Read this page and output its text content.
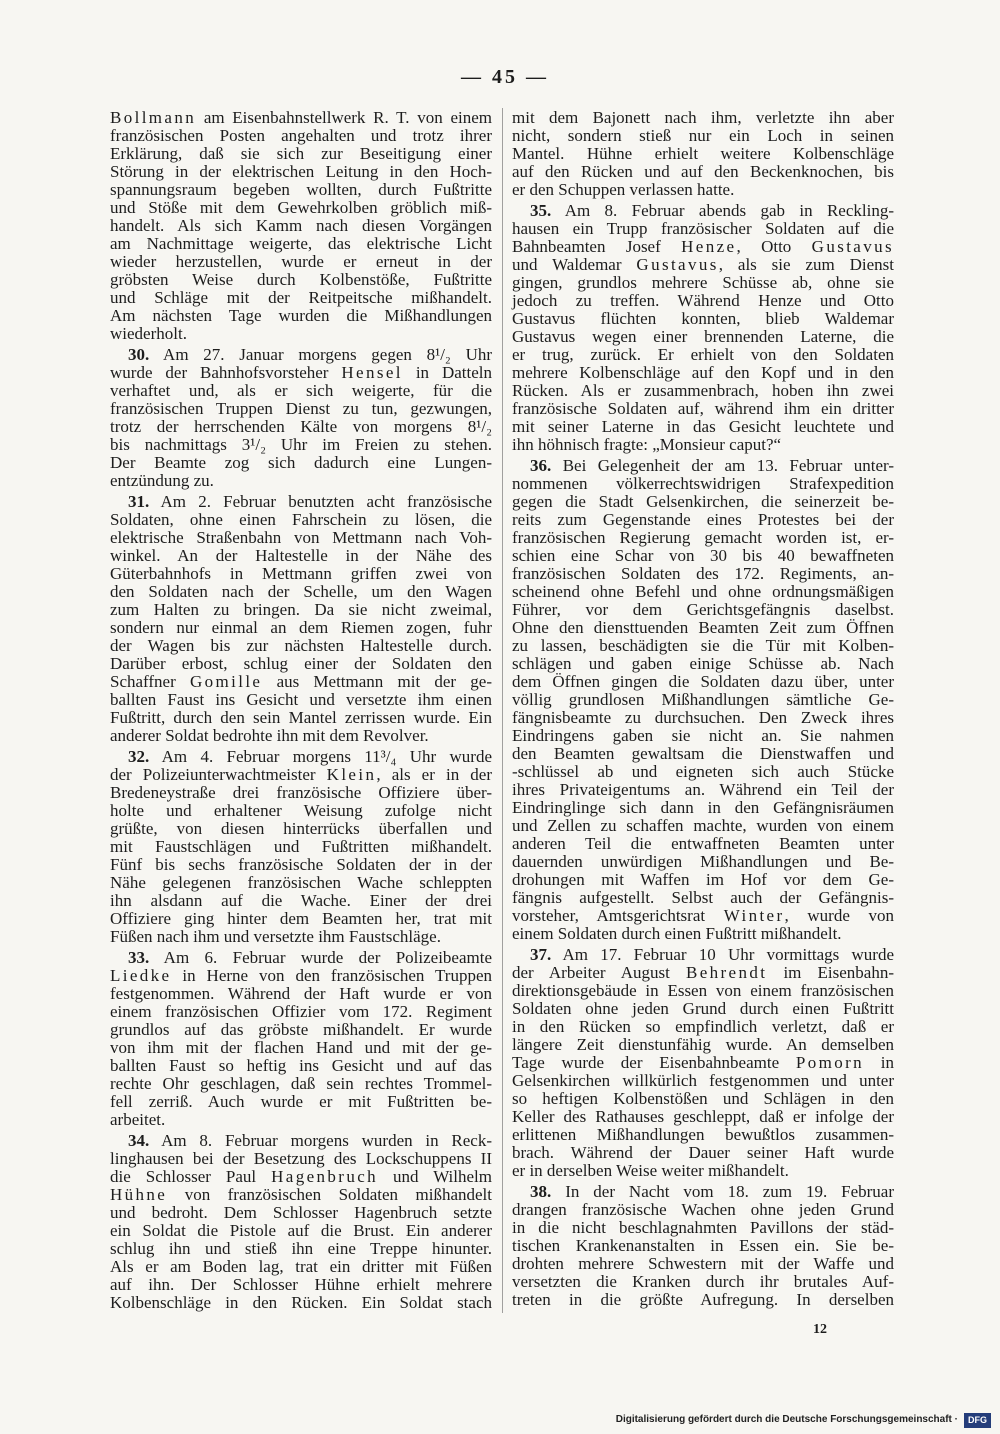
— 45 —
Bollmann am Eisenbahnstellwerk R. T. von einem
französischen Posten angehalten und trotz ihrer
Erklärung, daß sie sich zur Beseitigung einer
Störung in der elektrischen Leitung in den Hoch-
spannungsraum begeben wollten, durch Fußtritte
und Stöße mit dem Gewehrkolben gröblich miß-
handelt. Als sich Kamm nach diesen Vorgängen
am Nachmittage weigerte, das elektrische Licht
wieder herzustellen, wurde er erneut in der
gröbsten Weise durch Kolbenstöße, Fußtritte
und Schläge mit der Reitpeitsche mißhandelt.
Am nächsten Tage wurden die Mißhandlungen
wiederholt.
30. Am 27. Januar morgens gegen 8¹/₂ Uhr
wurde der Bahnhofsvorsteher Hensel in Datteln
verhaftet und, als er sich weigerte, für die
französischen Truppen Dienst zu tun, gezwungen,
trotz der herrschenden Kälte von morgens 8¹/₂
bis nachmittags 3¹/₂ Uhr im Freien zu stehen.
Der Beamte zog sich dadurch eine Lungen-
entzündung zu.
31. Am 2. Februar benutzten acht französische
Soldaten, ohne einen Fahrschein zu lösen, die
elektrische Straßenbahn von Mettmann nach Voh-
winkel. An der Haltestelle in der Nähe des
Güterbahnhofs in Mettmann griffen zwei von
den Soldaten nach der Schelle, um den Wagen
zum Halten zu bringen. Da sie nicht zweimal,
sondern nur einmal an dem Riemen zogen, fuhr
der Wagen bis zur nächsten Haltestelle durch.
Darüber erbost, schlug einer der Soldaten den
Schaffner Gomille aus Mettmann mit der ge-
ballten Faust ins Gesicht und versetzte ihm einen
Fußtritt, durch den sein Mantel zerrissen wurde. Ein
anderer Soldat bedrohte ihn mit dem Revolver.
32. Am 4. Februar morgens 11³/₄ Uhr wurde
der Polizeiunterwachtmeister Klein, als er in der
Bredeneystraße drei französische Offiziere über-
holte und erhaltener Weisung zufolge nicht
grüßte, von diesen hinterrücks überfallen und
mit Faustschlägen und Fußtritten mißhandelt.
Fünf bis sechs französische Soldaten der in der
Nähe gelegenen französischen Wache schleppten
ihn alsdann auf die Wache. Einer der drei
Offiziere ging hinter dem Beamten her, trat mit
Füßen nach ihm und versetzte ihm Faustschläge.
33. Am 6. Februar wurde der Polizeibeamte
Liedke in Herne von den französischen Truppen
festgenommen. Während der Haft wurde er von
einem französischen Offizier vom 172. Regiment
grundlos auf das gröbste mißhandelt. Er wurde
von ihm mit der flachen Hand und mit der ge-
ballten Faust so heftig ins Gesicht und auf das
rechte Ohr geschlagen, daß sein rechtes Trommel-
fell zerriß. Auch wurde er mit Fußtritten be-
arbeitet.
34. Am 8. Februar morgens wurden in Reck-
linghausen bei der Besetzung des Lockschuppens II
die Schlosser Paul Hagenbruch und Wilhelm
Hühne von französischen Soldaten mißhandelt
und bedroht. Dem Schlosser Hagenbruch setzte
ein Soldat die Pistole auf die Brust. Ein anderer
schlug ihn und stieß ihn eine Treppe hinunter.
Als er am Boden lag, trat ein dritter mit Füßen
auf ihn. Der Schlosser Hühne erhielt mehrere
Kolbenschläge in den Rücken. Ein Soldat stach
mit dem Bajonett nach ihm, verletzte ihn aber
nicht, sondern stieß nur ein Loch in seinen
Mantel. Hühne erhielt weitere Kolbenschläge
auf den Rücken und auf den Beckenknochen, bis
er den Schuppen verlassen hatte.
35. Am 8. Februar abends gab in Reckling-
hausen ein Trupp französischer Soldaten auf die
Bahnbeamten Josef Henze, Otto Gustavus
und Waldemar Gustavus, als sie zum Dienst
gingen, grundlos mehrere Schüsse ab, ohne sie
jedoch zu treffen. Während Henze und Otto
Gustavus flüchten konnten, blieb Waldemar
Gustavus wegen einer brennenden Laterne, die
er trug, zurück. Er erhielt von den Soldaten
mehrere Kolbenschläge auf den Kopf und in den
Rücken. Als er zusammenbrach, hoben ihn zwei
französische Soldaten auf, während ihm ein dritter
mit seiner Laterne in das Gesicht leuchtete und
ihn höhnisch fragte: „Monsieur caput?“
36. Bei Gelegenheit der am 13. Februar unter-
nommenen völkerrechtswidrigen Strafexpedition
gegen die Stadt Gelsenkirchen, die seinerzeit be-
reits zum Gegenstande eines Protestes bei der
französischen Regierung gemacht worden ist, er-
schien eine Schar von 30 bis 40 bewaffneten
französischen Soldaten des 172. Regiments, an-
scheinend ohne Befehl und ohne ordnungsmäßigen
Führer, vor dem Gerichtsgefängnis daselbst.
Ohne den diensttuenden Beamten Zeit zum Öffnen
zu lassen, beschädigten sie die Tür mit Kolben-
schlägen und gaben einige Schüsse ab. Nach
dem Öffnen gingen die Soldaten dazu über, unter
völlig grundlosen Mißhandlungen sämtliche Ge-
fängnisbeamte zu durchsuchen. Den Zweck ihres
Eindringens gaben sie nicht an. Sie nahmen
den Beamten gewaltsam die Dienstwaffen und
-schlüssel ab und eigneten sich auch Stücke
ihres Privateigentums an. Während ein Teil der
Eindringlinge sich dann in den Gefängnisräumen
und Zellen zu schaffen machte, wurden von einem
anderen Teil die entwaffneten Beamten unter
dauernden unwürdigen Mißhandlungen und Be-
drohungen mit Waffen im Hof vor dem Ge-
fängnis aufgestellt. Selbst auch der Gefängnis-
vorsteher, Amtsgerichtsrat Winter, wurde von
einem Soldaten durch einen Fußtritt mißhandelt.
37. Am 17. Februar 10 Uhr vormittags wurde
der Arbeiter August Behrendt im Eisenbahn-
direktionsgebäude in Essen von einem französischen
Soldaten ohne jeden Grund durch einen Fußtritt
in den Rücken so empfindlich verletzt, daß er
längere Zeit dienstunfähig wurde. An demselben
Tage wurde der Eisenbahnbeamte Pomorn in
Gelsenkirchen willkürlich festgenommen und unter
so heftigen Kolbenstößen und Schlägen in den
Keller des Rathauses geschleppt, daß er infolge der
erlittenen Mißhandlungen bewußtlos zusammen-
brach. Während der Dauer seiner Haft wurde
er in derselben Weise weiter mißhandelt.
38. In der Nacht vom 18. zum 19. Februar
drangen französische Wachen ohne jeden Grund
in die nicht beschlagnahmten Pavillons der städ-
tischen Krankenanstalten in Essen ein. Sie be-
drohten mehrere Schwestern mit der Waffe und
versetzten die Kranken durch ihr brutales Auf-
treten in die größte Aufregung. In derselben
12
Digitalisierung gefördert durch die Deutsche Forschungsgemeinschaft ·	DFG
